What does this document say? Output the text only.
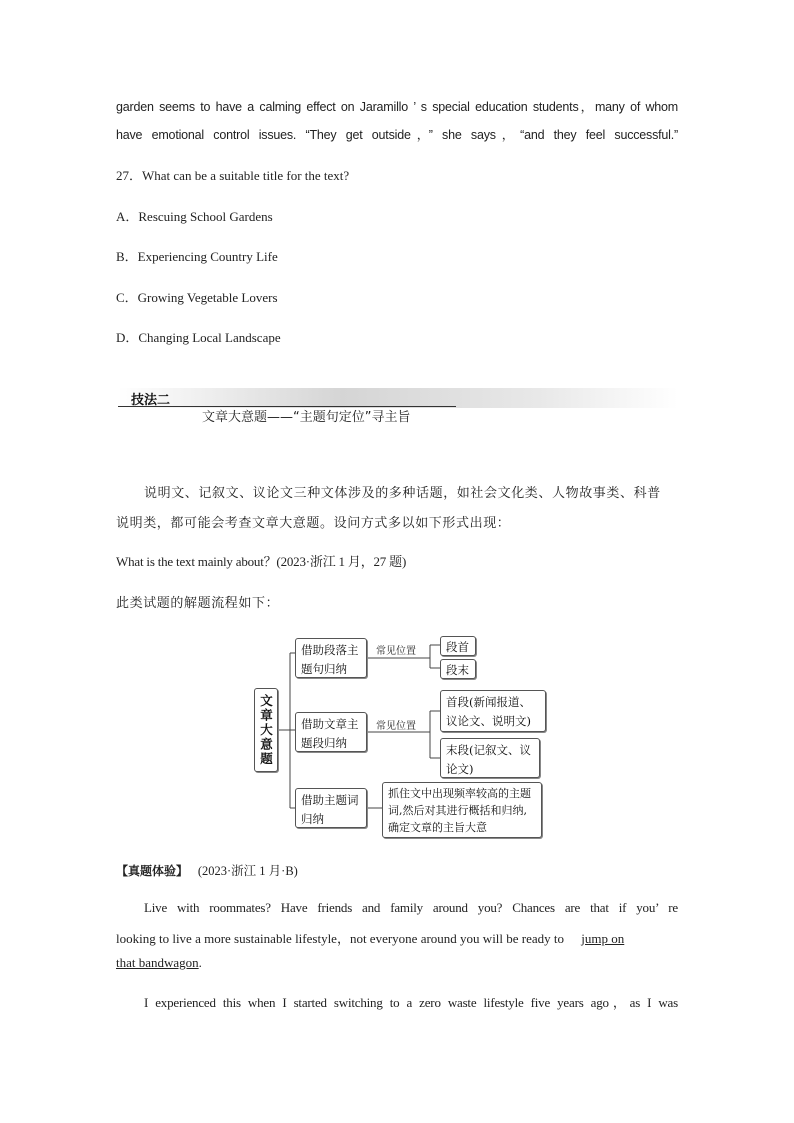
garden seems to have a calming effect on Jaramillo ’ s special education students，many of whom
have emotional control issues. “They get outside，” she says，“and they feel successful.”
27．What can be a suitable title for the text?
A．Rescuing School Gardens
B．Experiencing Country Life
C．Growing Vegetable Lovers
D．Changing Local Landscape
技法二
文章大意题——“主题句定位”寻主旨
说明文、记叙文、议论文三种文体涉及的多种话题，如社会文化类、人物故事类、科普
说明类，都可能会考查文章大意题。设问方式多以如下形式出现：
What is the text mainly about？(2023·浙江 1 月，27 题)
此类试题的解题流程如下：
文章大意题
借助段落主题句归纳
常见位置	段首
段末
借助文章主题段归纳
常见位置
首段(新闻报道、议论文、说明文)
末段(记叙文、议论文)
借助主题词归纳
抓住文中出现频率较高的主题词,然后对其进行概括和归纳,确定文章的主旨大意
【真题体验】 (2023·浙江 1 月·B)
Live with roommates? Have friends and family around you? Chances are that if you’ re
looking to live a more sustainable lifestyle，not everyone around you will be ready to jump on
that bandwagon.
I experienced this when I started switching to a zero waste lifestyle five years ago，as I was
